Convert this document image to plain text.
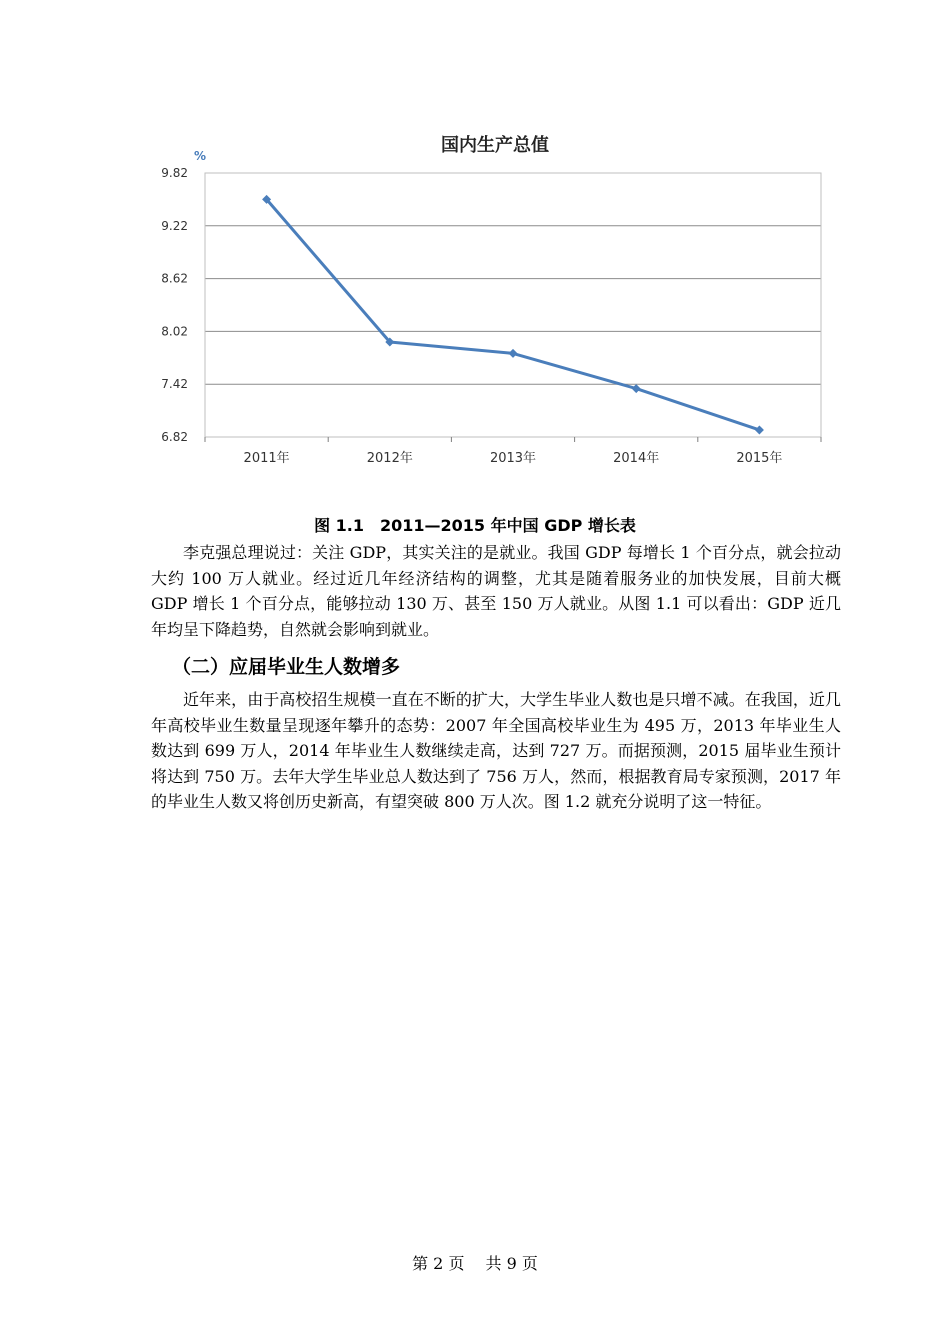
国内生产总值
%
9.82
9.22
8.62
8.02
7.42
6.82
2011年	2012年	2013年	2014年	2015年
图 1.1　2011—2015 年中国 GDP 增长表

李克强总理说过：关注 GDP，其实关注的是就业。我国 GDP 每增长 1 个百分点，就会拉动大约 100 万人就业。经过近几年经济结构的调整，尤其是随着服务业的加快发展，目前大概 GDP 增长 1 个百分点，能够拉动 130 万、甚至 150 万人就业。从图 1.1 可以看出：GDP 近几年均呈下降趋势，自然就会影响到就业。

（二）应届毕业生人数增多

近年来，由于高校招生规模一直在不断的扩大，大学生毕业人数也是只增不减。在我国，近几年高校毕业生数量呈现逐年攀升的态势：2007 年全国高校毕业生为 495 万，2013 年毕业生人数达到 699 万人，2014 年毕业生人数继续走高，达到 727 万。而据预测，2015 届毕业生预计将达到 750 万。去年大学生毕业总人数达到了 756 万人，然而，根据教育局专家预测，2017 年的毕业生人数又将创历史新高，有望突破 800 万人次。图 1.2 就充分说明了这一特征。

第 2 页　 共 9 页
